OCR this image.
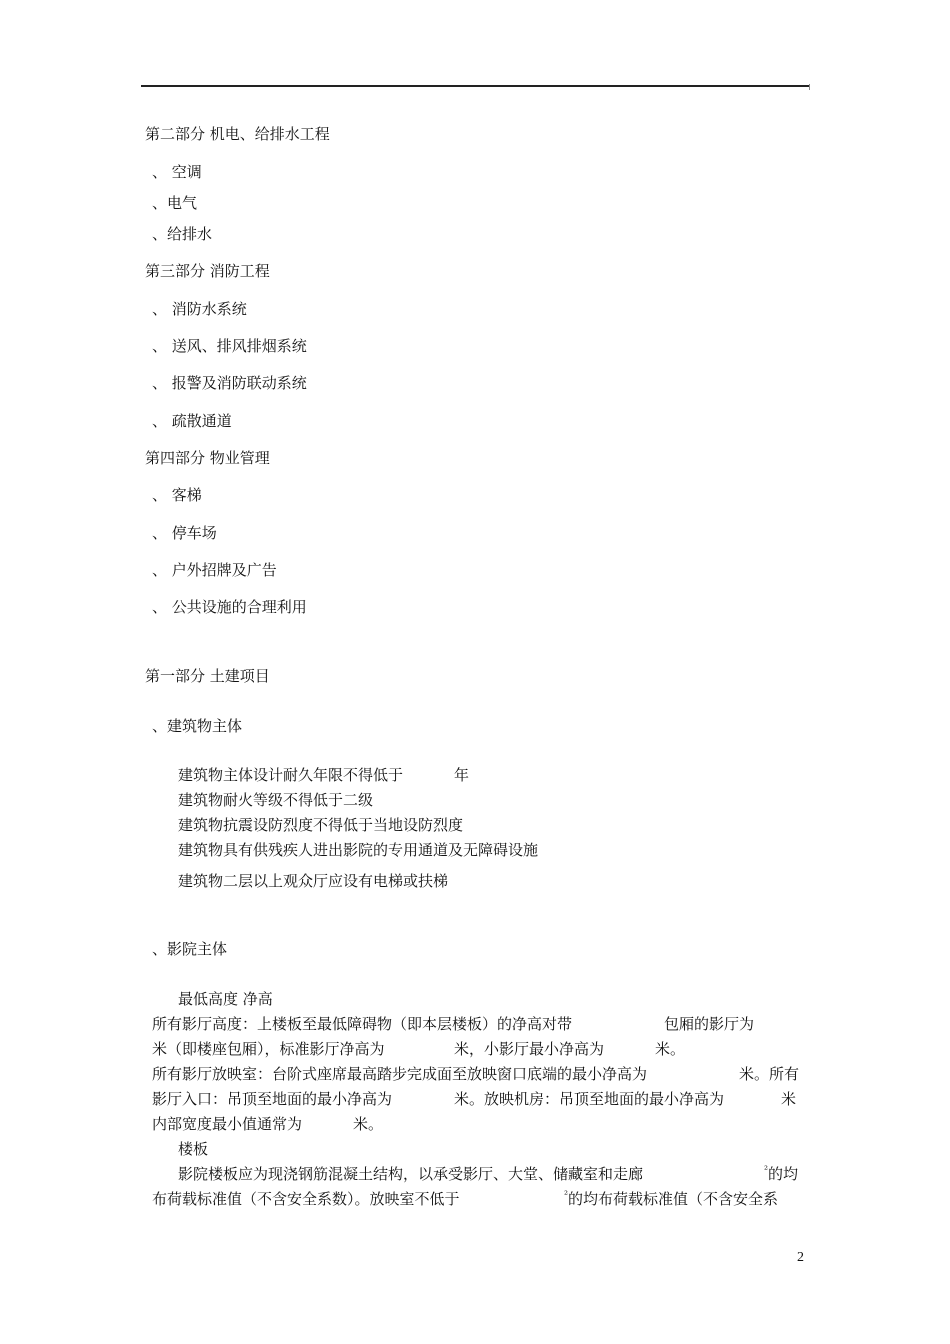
第二部分 机电、给排水工程
、 空调
、电气
、给排水
第三部分 消防工程
、 消防水系统
、 送风、排风排烟系统
、 报警及消防联动系统
、 疏散通道
第四部分 物业管理
、 客梯
、 停车场
、 户外招牌及广告
、 公共设施的合理利用
第一部分 土建项目
、建筑物主体
建筑物主体设计耐久年限不得低于	年
建筑物耐火等级不得低于二级
建筑物抗震设防烈度不得低于当地设防烈度
建筑物具有供残疾人进出影院的专用通道及无障碍设施
建筑物二层以上观众厅应设有电梯或扶梯
、影院主体
最低高度 净高
所有影厅高度：上楼板至最低障碍物（即本层楼板）的净高对带	包厢的影厅为
米（即楼座包厢），标准影厅净高为	米，小影厅最小净高为	米。
所有影厅放映室：台阶式座席最高踏步完成面至放映窗口底端的最小净高为	米。所有
影厅入口：吊顶至地面的最小净高为	米。放映机房：吊顶至地面的最小净高为	米
内部宽度最小值通常为	米。
楼板
影院楼板应为现浇钢筋混凝土结构，以承受影厅、大堂、储藏室和走廊	$^{^2}$的均
布荷载标准值（不含安全系数）。放映室不低于	$^{^2}$的均布荷载标准值（不含安全系
2
